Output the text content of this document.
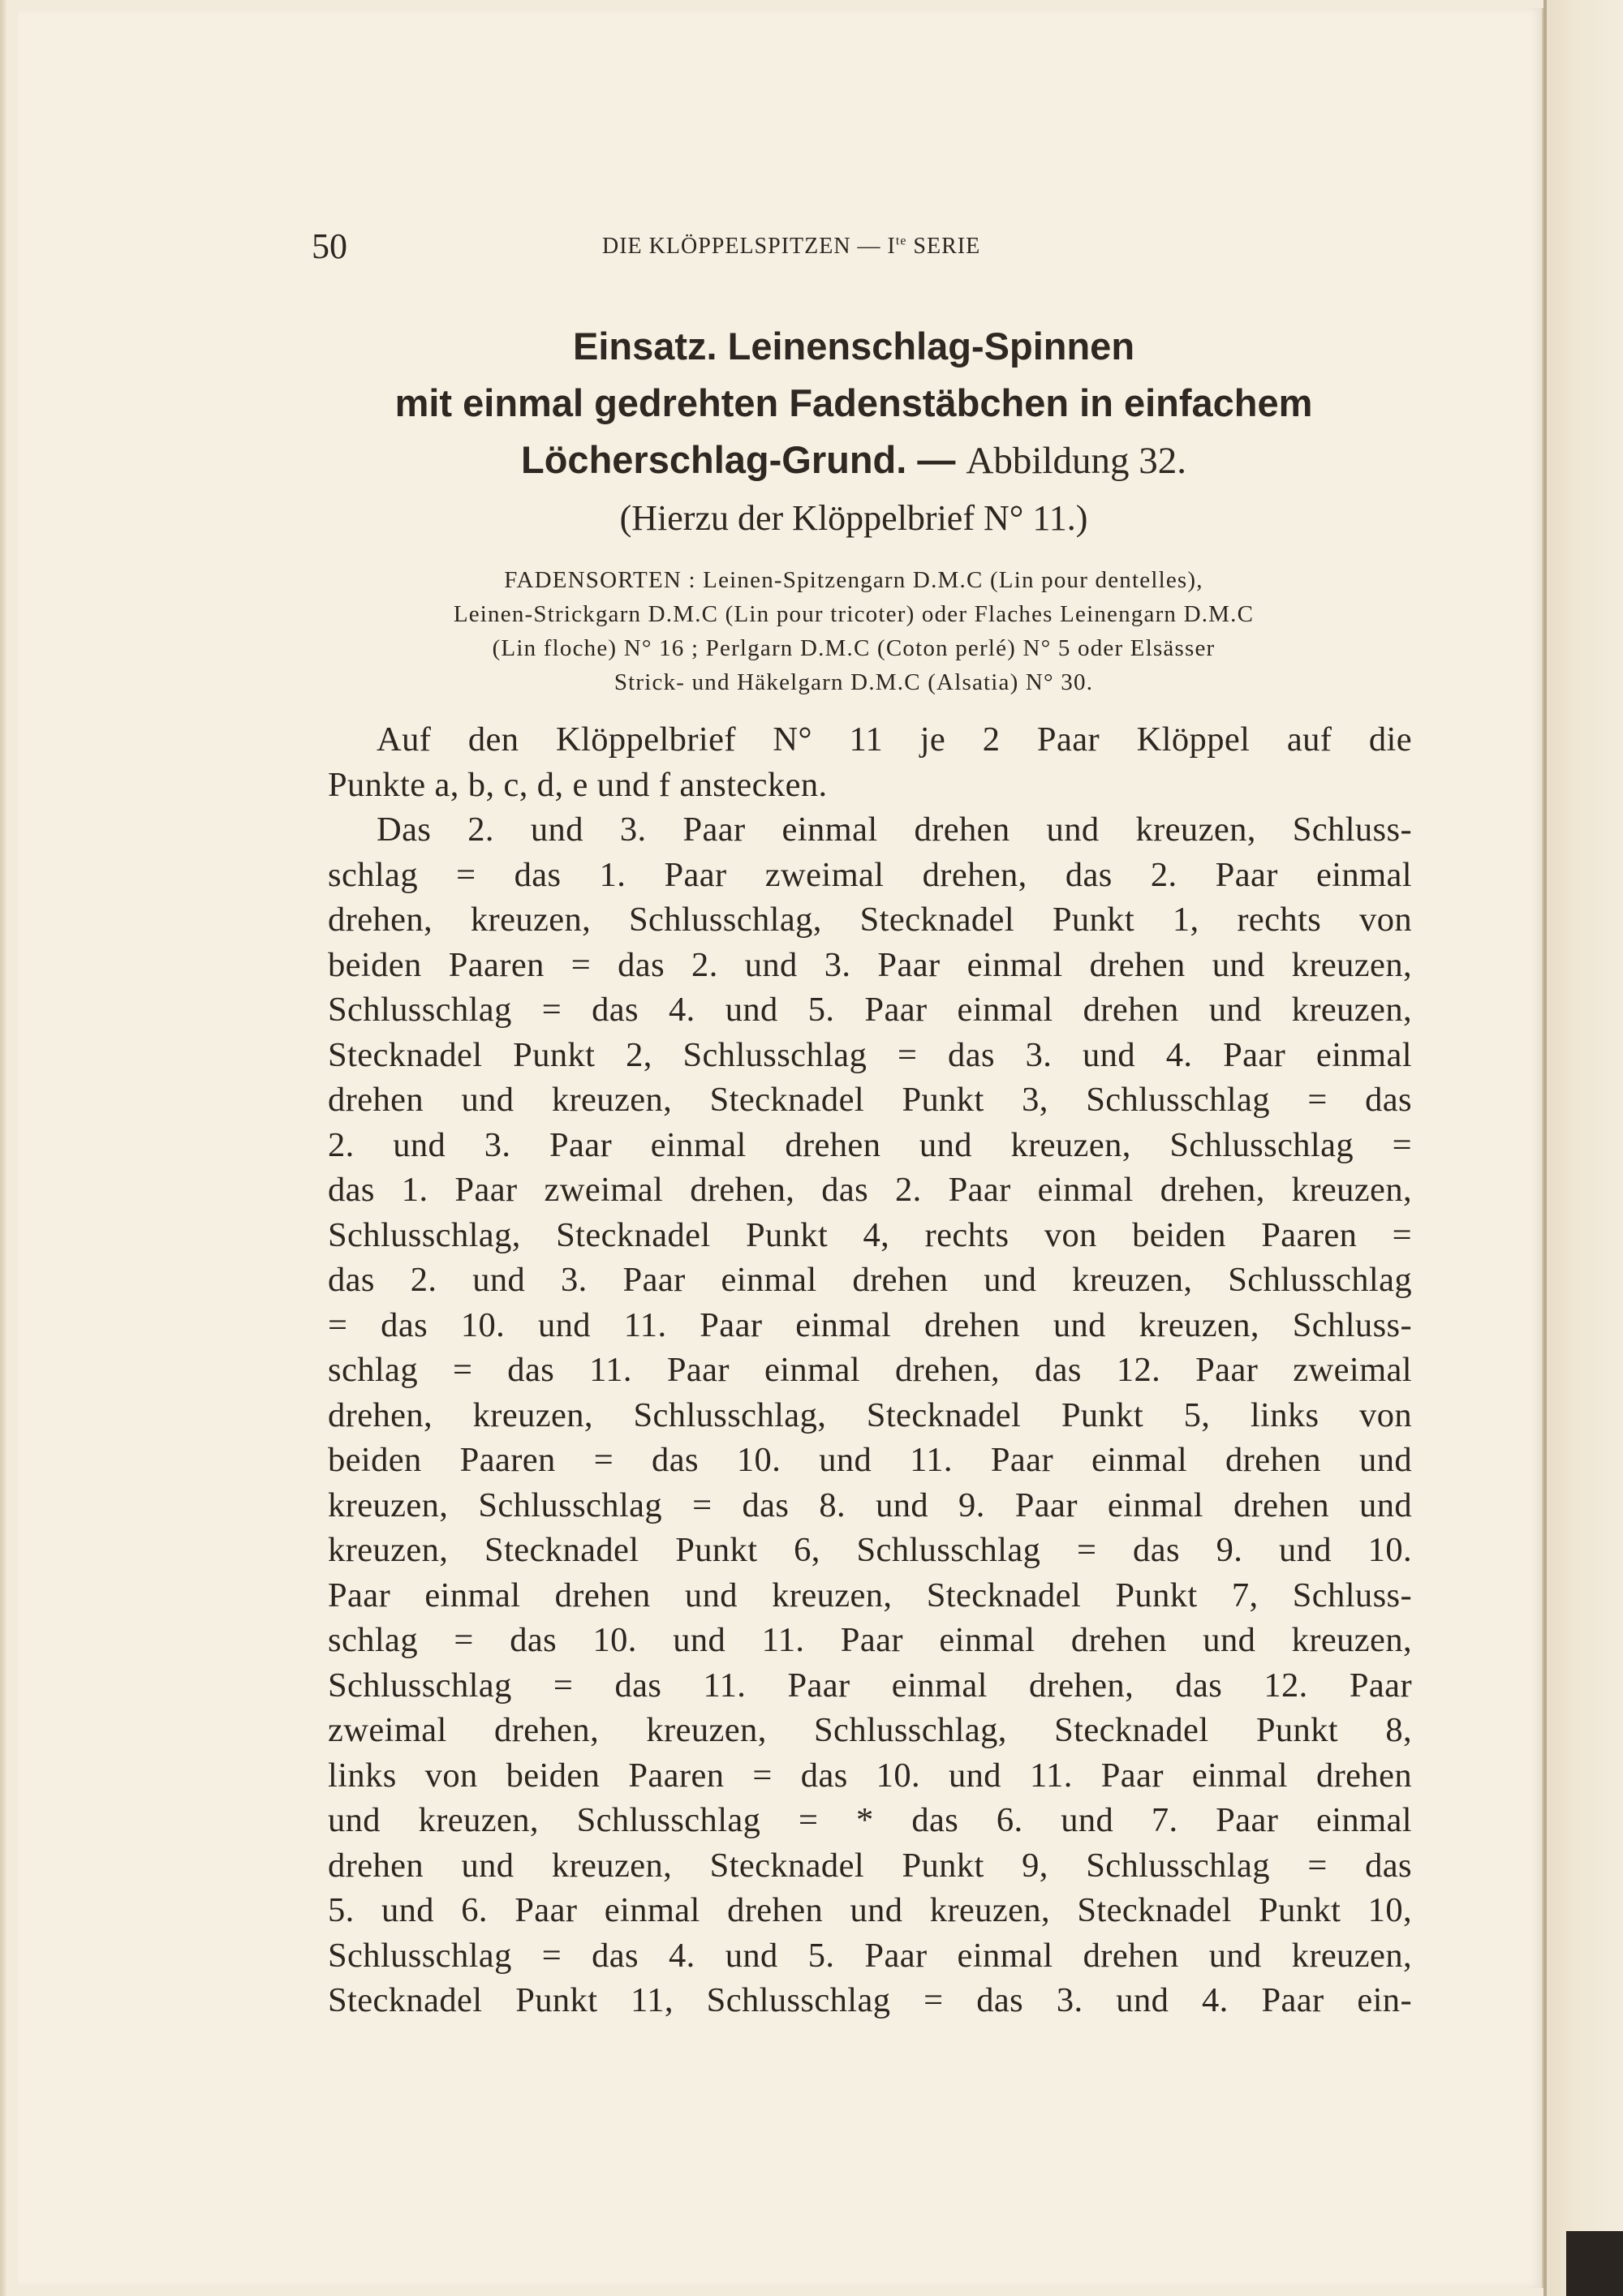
50	DIE KLÖPPELSPITZEN — $I^{te}$ SERIE
Einsatz. Leinenschlag-Spinnen
mit einmal gedrehten Fadenstäbchen in einfachem
Löcherschlag-Grund. — Abbildung 32.
(Hierzu der Klöppelbrief N° 11.)
FADENSORTEN : Leinen-Spitzengarn D.M.C (Lin pour dentelles),
Leinen-Strickgarn D.M.C (Lin pour tricoter) oder Flaches Leinengarn D.M.C
(Lin floche) N° 16 ; Perlgarn D.M.C (Coton perlé) N° 5 oder Elsässer
Strick- und Häkelgarn D.M.C (Alsatia) N° 30.

Auf den Klöppelbrief N° 11 je 2 Paar Klöppel auf die
Punkte a, b, c, d, e und f anstecken.

Das 2. und 3. Paar einmal drehen und kreuzen, Schluss-
schlag = das 1. Paar zweimal drehen, das 2. Paar einmal
drehen, kreuzen, Schlusschlag, Stecknadel Punkt 1, rechts von
beiden Paaren = das 2. und 3. Paar einmal drehen und kreuzen,
Schlusschlag = das 4. und 5. Paar einmal drehen und kreuzen,
Stecknadel Punkt 2, Schlusschlag = das 3. und 4. Paar einmal
drehen und kreuzen, Stecknadel Punkt 3, Schlusschlag = das
2. und 3. Paar einmal drehen und kreuzen, Schlusschlag =
das 1. Paar zweimal drehen, das 2. Paar einmal drehen, kreuzen,
Schlusschlag, Stecknadel Punkt 4, rechts von beiden Paaren =
das 2. und 3. Paar einmal drehen und kreuzen, Schlusschlag
= das 10. und 11. Paar einmal drehen und kreuzen, Schluss-
schlag = das 11. Paar einmal drehen, das 12. Paar zweimal
drehen, kreuzen, Schlusschlag, Stecknadel Punkt 5, links von
beiden Paaren = das 10. und 11. Paar einmal drehen und
kreuzen, Schlusschlag = das 8. und 9. Paar einmal drehen und
kreuzen, Stecknadel Punkt 6, Schlusschlag = das 9. und 10.
Paar einmal drehen und kreuzen, Stecknadel Punkt 7, Schluss-
schlag = das 10. und 11. Paar einmal drehen und kreuzen,
Schlusschlag = das 11. Paar einmal drehen, das 12. Paar
zweimal drehen, kreuzen, Schlusschlag, Stecknadel Punkt 8,
links von beiden Paaren = das 10. und 11. Paar einmal drehen
und kreuzen, Schlusschlag = * das 6. und 7. Paar einmal
drehen und kreuzen, Stecknadel Punkt 9, Schlusschlag = das
5. und 6. Paar einmal drehen und kreuzen, Stecknadel Punkt 10,
Schlusschlag = das 4. und 5. Paar einmal drehen und kreuzen,
Stecknadel Punkt 11, Schlusschlag = das 3. und 4. Paar ein-
